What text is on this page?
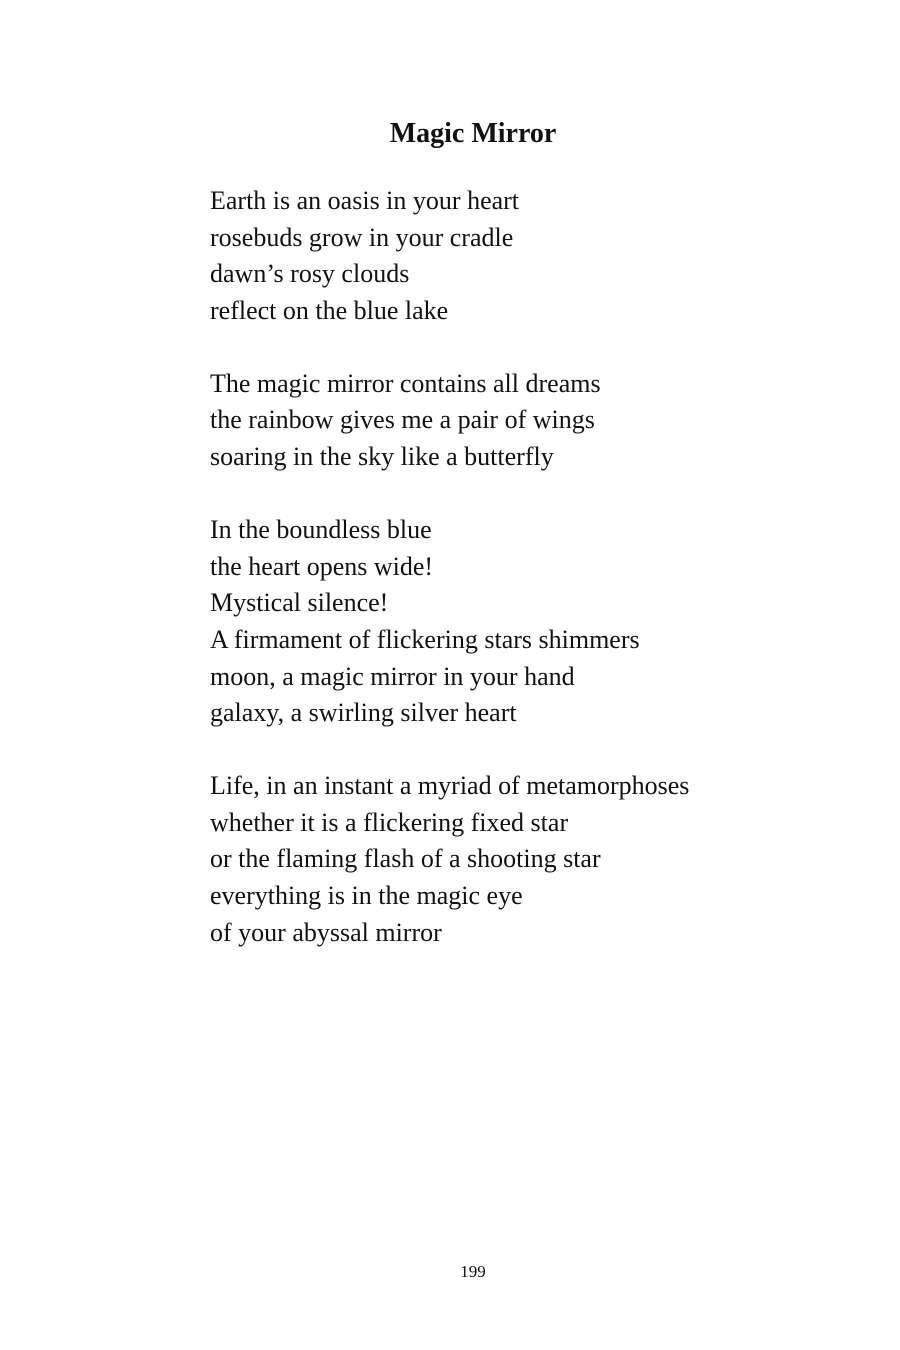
Magic Mirror
Earth is an oasis in your heart
rosebuds grow in your cradle
dawn’s rosy clouds
reflect on the blue lake
The magic mirror contains all dreams
the rainbow gives me a pair of wings
soaring in the sky like a butterfly
In the boundless blue
the heart opens wide!
Mystical silence!
A firmament of flickering stars shimmers
moon, a magic mirror in your hand
galaxy, a swirling silver heart
Life, in an instant a myriad of metamorphoses
whether it is a flickering fixed star
or the flaming flash of a shooting star
everything is in the magic eye
of your abyssal mirror
199
